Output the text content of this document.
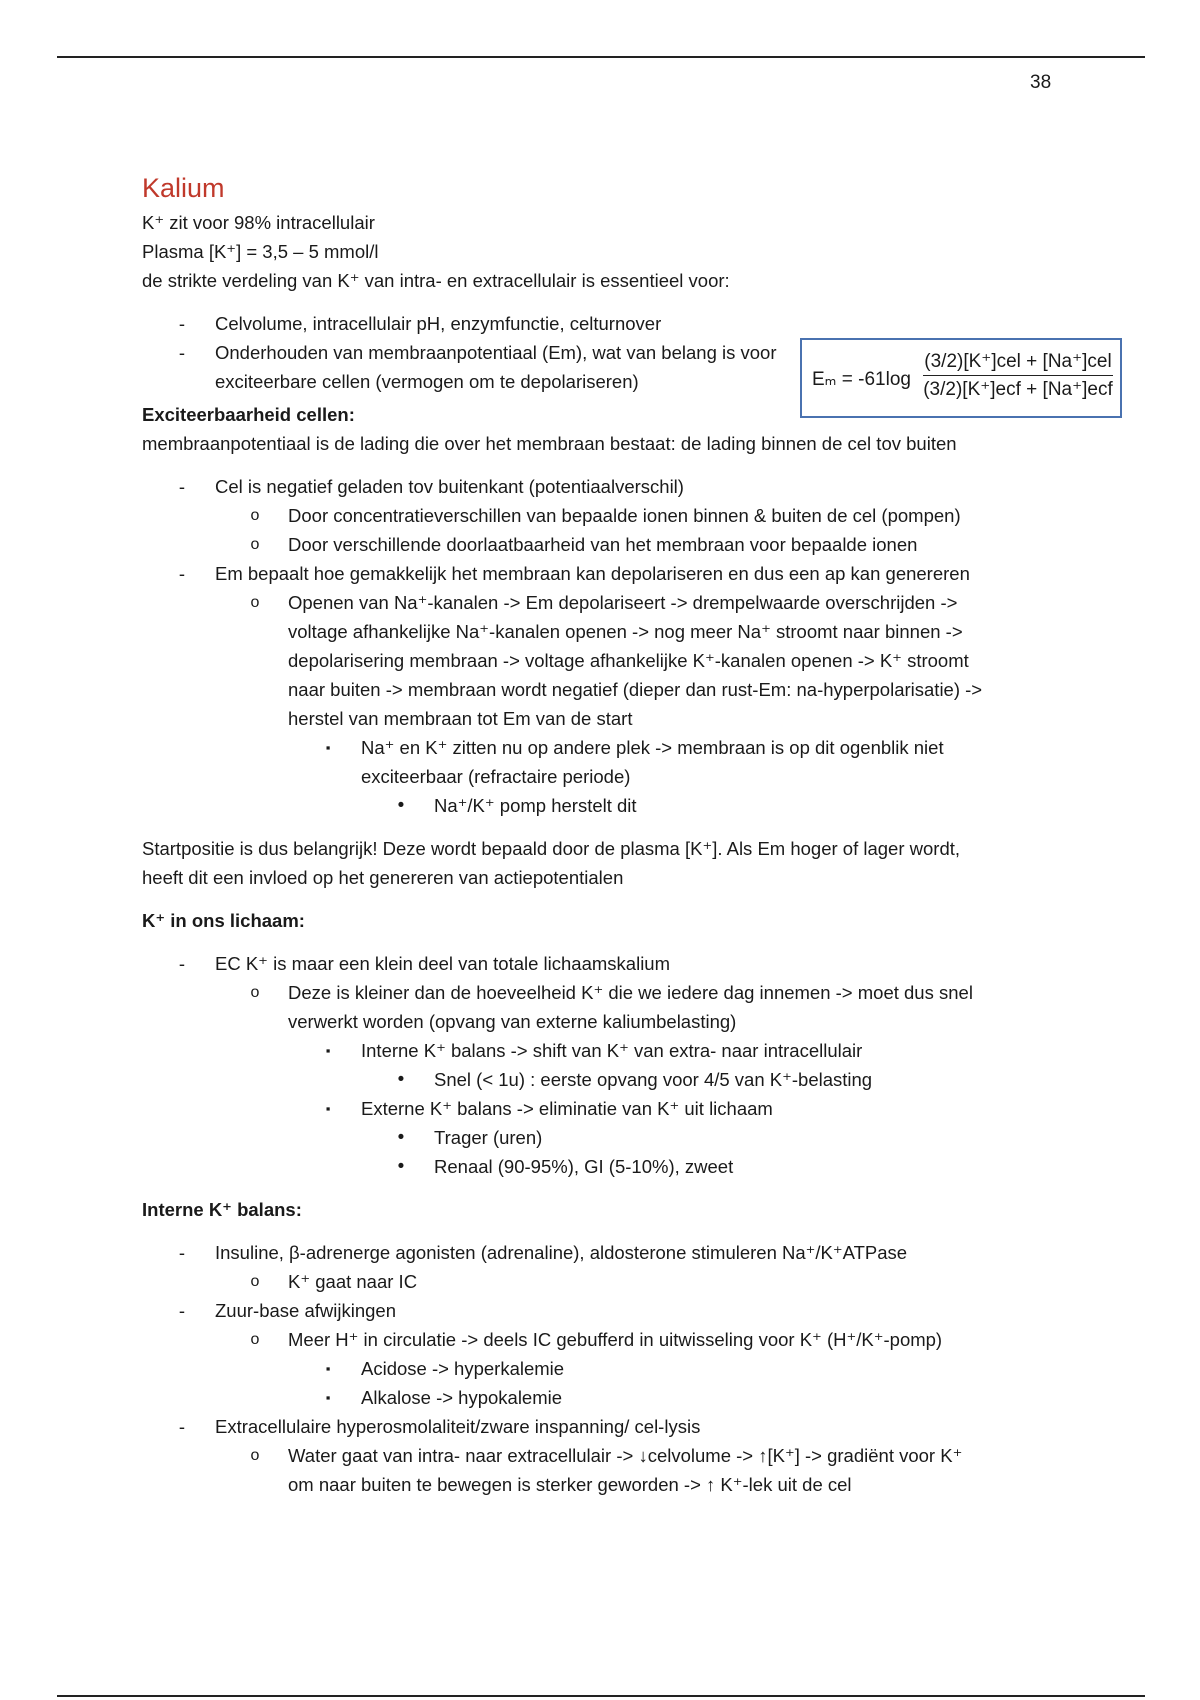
38
Eₘ = -61log
(3/2)[K⁺]cel + [Na⁺]cel
(3/2)[K⁺]ecf + [Na⁺]ecf
Kalium
K⁺ zit voor 98% intracellulair
Plasma [K⁺] = 3,5 – 5 mmol/l
de strikte verdeling van K⁺ van intra- en extracellulair is essentieel voor:
- Celvolume, intracellulair pH, enzymfunctie, celturnover
- Onderhouden van membraanpotentiaal (Em), wat van belang is voor exciteerbare cellen (vermogen om te depolariseren)
Exciteerbaarheid cellen:
membraanpotentiaal is de lading die over het membraan bestaat: de lading binnen de cel tov buiten
- Cel is negatief geladen tov buitenkant (potentiaalverschil)
o Door concentratieverschillen van bepaalde ionen binnen & buiten de cel (pompen)
o Door verschillende doorlaatbaarheid van het membraan voor bepaalde ionen
- Em bepaalt hoe gemakkelijk het membraan kan depolariseren en dus een ap kan genereren
o Openen van Na⁺-kanalen -> Em depolariseert -> drempelwaarde overschrijden ->
voltage afhankelijke Na⁺-kanalen openen -> nog meer Na⁺ stroomt naar binnen ->
depolarisering membraan -> voltage afhankelijke K⁺-kanalen openen -> K⁺ stroomt
naar buiten -> membraan wordt negatief (dieper dan rust-Em: na-hyperpolarisatie) ->
herstel van membraan tot Em van de start
▪ Na⁺ en K⁺ zitten nu op andere plek -> membraan is op dit ogenblik niet
exciteerbaar (refractaire periode)
• Na⁺/K⁺ pomp herstelt dit
Startpositie is dus belangrijk! Deze wordt bepaald door de plasma [K⁺]. Als Em hoger of lager wordt,
heeft dit een invloed op het genereren van actiepotentialen
K⁺ in ons lichaam:
- EC K⁺ is maar een klein deel van totale lichaamskalium
o Deze is kleiner dan de hoeveelheid K⁺ die we iedere dag innemen -> moet dus snel
verwerkt worden (opvang van externe kaliumbelasting)
▪ Interne K⁺ balans -> shift van K⁺ van extra- naar intracellulair
• Snel (< 1u) : eerste opvang voor 4/5 van K⁺-belasting
▪ Externe K⁺ balans -> eliminatie van K⁺ uit lichaam
• Trager (uren)
• Renaal (90-95%), GI (5-10%), zweet
Interne K⁺ balans:
- Insuline, β-adrenerge agonisten (adrenaline), aldosterone stimuleren Na⁺/K⁺ATPase
o K⁺ gaat naar IC
- Zuur-base afwijkingen
o Meer H⁺ in circulatie -> deels IC gebufferd in uitwisseling voor K⁺ (H⁺/K⁺-pomp)
▪ Acidose -> hyperkalemie
▪ Alkalose -> hypokalemie
- Extracellulaire hyperosmolaliteit/zware inspanning/ cel-lysis
o Water gaat van intra- naar extracellulair -> ↓celvolume -> ↑[K⁺] -> gradiënt voor K⁺
om naar buiten te bewegen is sterker geworden -> ↑ K⁺-lek uit de cel
